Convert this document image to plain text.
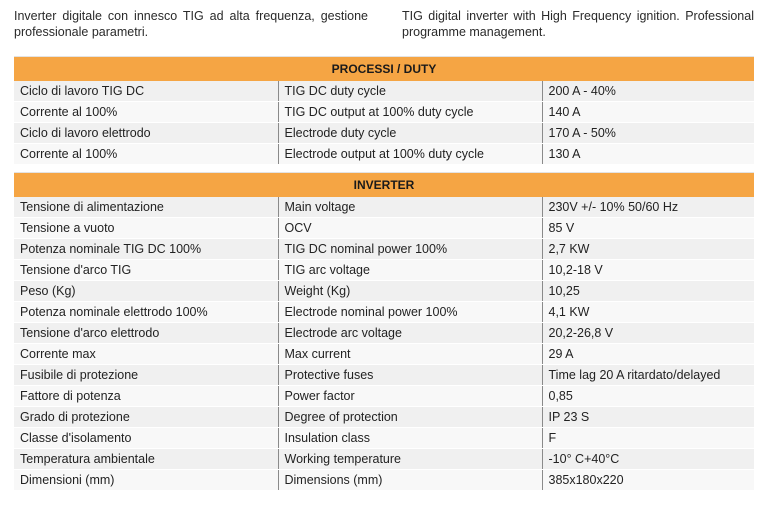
Inverter digitale con innesco TIG ad alta frequenza, gestione professionale parametri.

TIG digital inverter with High Frequency ignition. Professional programme management.

PROCESSI / DUTY		
Ciclo di lavoro TIG DC	TIG DC duty cycle	200 A - 40%
Corrente al 100%	TIG DC output at 100% duty cycle	140 A
Ciclo di lavoro elettrodo	Electrode duty cycle	170 A - 50%
Corrente al 100%	Electrode output at 100% duty cycle	130 A
INVERTER		
Tensione di alimentazione	Main voltage	230V +/- 10% 50/60 Hz
Tensione a vuoto	OCV	85 V
Potenza nominale TIG DC 100%	TIG DC nominal power 100%	2,7 KW
Tensione d'arco TIG	TIG arc voltage	10,2-18 V
Peso (Kg)	Weight (Kg)	10,25
Potenza nominale elettrodo 100%	Electrode nominal power 100%	4,1 KW
Tensione d'arco elettrodo	Electrode arc voltage	20,2-26,8 V
Corrente max	Max current	29 A
Fusibile di protezione	Protective fuses	Time lag 20 A ritardato/delayed
Fattore di potenza	Power factor	0,85
Grado di protezione	Degree of protection	IP 23 S
Classe d'isolamento	Insulation class	F
Temperatura ambientale	Working temperature	-10° C+40°C
Dimensioni (mm)	Dimensions (mm)	385x180x220
